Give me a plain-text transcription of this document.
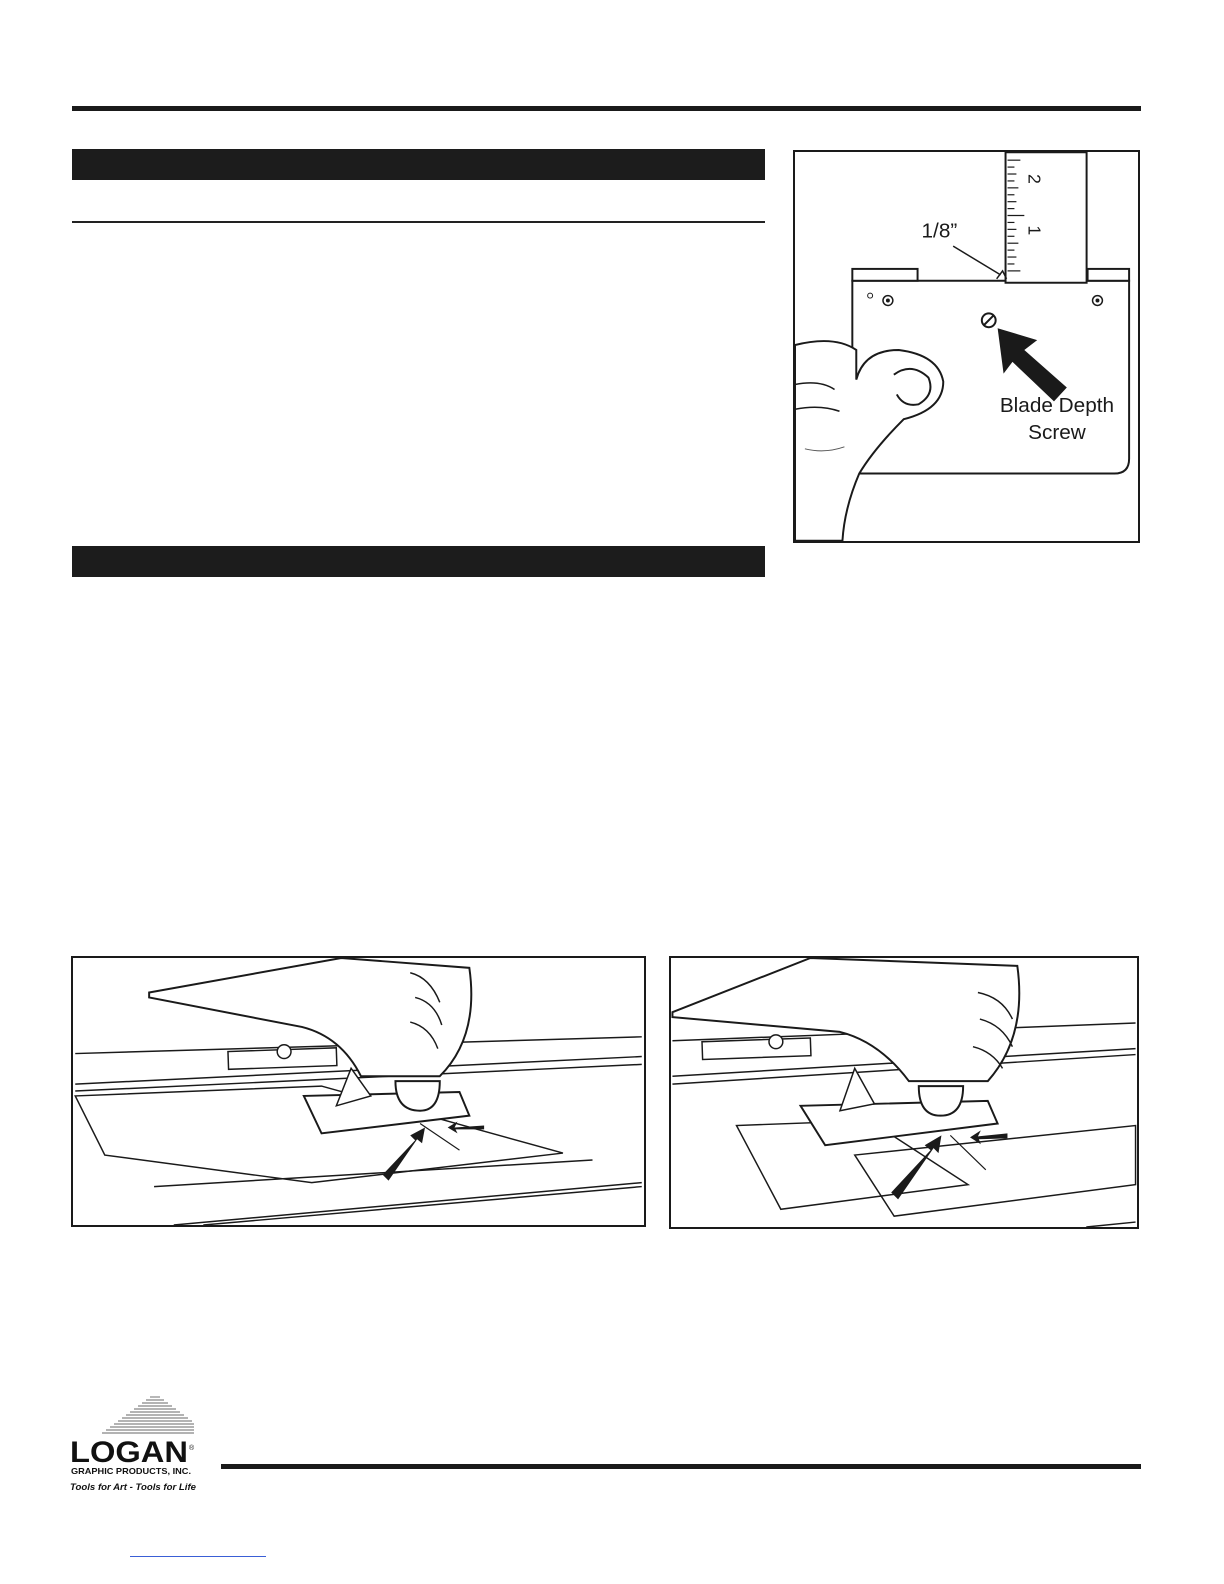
2
1
1/8”
Blade Depth
Screw
LOGAN ®
GRAPHIC PRODUCTS, INC.
Tools for Art - Tools for Life
